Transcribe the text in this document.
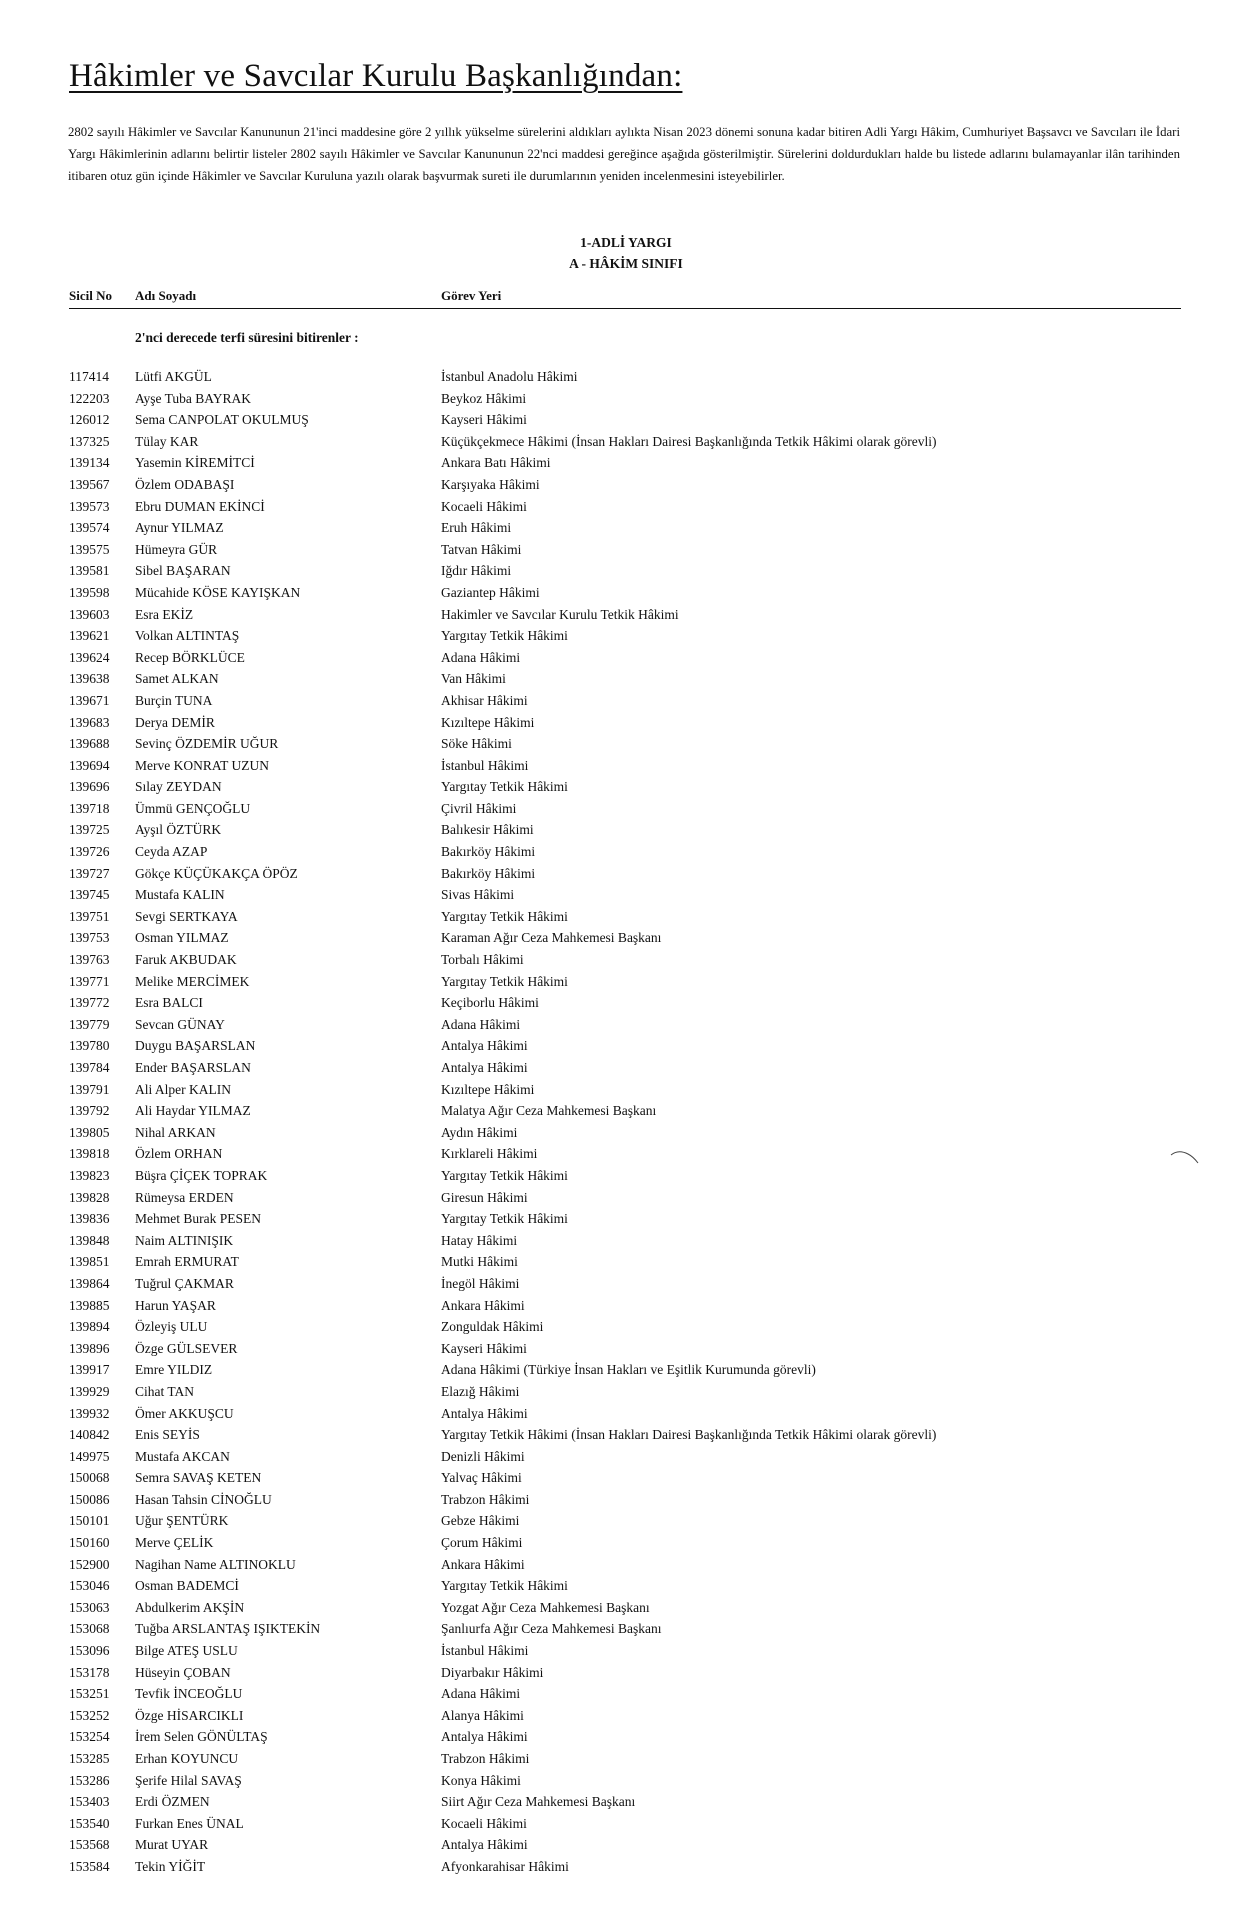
Hâkimler ve Savcılar Kurulu Başkanlığından:
2802 sayılı Hâkimler ve Savcılar Kanununun 21'inci maddesine göre 2 yıllık yükselme sürelerini aldıkları aylıkta Nisan 2023 dönemi sonuna kadar bitiren Adli Yargı Hâkim, Cumhuriyet Başsavcı ve Savcıları ile İdari Yargı Hâkimlerinin adlarını belirtir listeler 2802 sayılı Hâkimler ve Savcılar Kanununun 22'nci maddesi gereğince aşağıda gösterilmiştir. Sürelerini doldurdukları halde bu listede adlarını bulamayanlar ilân tarihinden itibaren otuz gün içinde Hâkimler ve Savcılar Kuruluna yazılı olarak başvurmak sureti ile durumlarının yeniden incelenmesini isteyebilirler.
1-ADLİ YARGI
A - HÂKİM SINIFI
Sicil No Adı Soyadı	Görev Yeri
2'nci derecede terfi süresini bitirenler :
117414 Lütfi AKGÜL	İstanbul Anadolu Hâkimi
122203 Ayşe Tuba BAYRAK	Beykoz Hâkimi
126012 Sema CANPOLAT OKULMUŞ	Kayseri Hâkimi
137325 Tülay KAR	Küçükçekmece Hâkimi (İnsan Hakları Dairesi Başkanlığında Tetkik Hâkimi olarak görevli)
139134 Yasemin KİREMİTCİ	Ankara Batı Hâkimi
139567 Özlem ODABAŞI	Karşıyaka Hâkimi
139573 Ebru DUMAN EKİNCİ	Kocaeli Hâkimi
139574 Aynur YILMAZ	Eruh Hâkimi
139575 Hümeyra GÜR	Tatvan Hâkimi
139581 Sibel BAŞARAN	Iğdır Hâkimi
139598 Mücahide KÖSE KAYIŞKAN	Gaziantep Hâkimi
139603 Esra EKİZ	Hakimler ve Savcılar Kurulu Tetkik Hâkimi
139621 Volkan ALTINTAŞ	Yargıtay Tetkik Hâkimi
139624 Recep BÖRKLÜCE	Adana Hâkimi
139638 Samet ALKAN	Van Hâkimi
139671 Burçin TUNA	Akhisar Hâkimi
139683 Derya DEMİR	Kızıltepe Hâkimi
139688 Sevinç ÖZDEMİR UĞUR	Söke Hâkimi
139694 Merve KONRAT UZUN	İstanbul Hâkimi
139696 Sılay ZEYDAN	Yargıtay Tetkik Hâkimi
139718 Ümmü GENÇOĞLU	Çivril Hâkimi
139725 Ayşıl ÖZTÜRK	Balıkesir Hâkimi
139726 Ceyda AZAP	Bakırköy Hâkimi
139727 Gökçe KÜÇÜKAKÇA ÖPÖZ	Bakırköy Hâkimi
139745 Mustafa KALIN	Sivas Hâkimi
139751 Sevgi SERTKAYA	Yargıtay Tetkik Hâkimi
139753 Osman YILMAZ	Karaman Ağır Ceza Mahkemesi Başkanı
139763 Faruk AKBUDAK	Torbalı Hâkimi
139771 Melike MERCİMEK	Yargıtay Tetkik Hâkimi
139772 Esra BALCI	Keçiborlu Hâkimi
139779 Sevcan GÜNAY	Adana Hâkimi
139780 Duygu BAŞARSLAN	Antalya Hâkimi
139784 Ender BAŞARSLAN	Antalya Hâkimi
139791 Ali Alper KALIN	Kızıltepe Hâkimi
139792 Ali Haydar YILMAZ	Malatya Ağır Ceza Mahkemesi Başkanı
139805 Nihal ARKAN	Aydın Hâkimi
139818 Özlem ORHAN	Kırklareli Hâkimi
139823 Büşra ÇİÇEK TOPRAK	Yargıtay Tetkik Hâkimi
139828 Rümeysa ERDEN	Giresun Hâkimi
139836 Mehmet Burak PESEN	Yargıtay Tetkik Hâkimi
139848 Naim ALTINIŞIK	Hatay Hâkimi
139851 Emrah ERMURAT	Mutki Hâkimi
139864 Tuğrul ÇAKMAR	İnegöl Hâkimi
139885 Harun YAŞAR	Ankara Hâkimi
139894 Özleyiş ULU	Zonguldak Hâkimi
139896 Özge GÜLSEVER	Kayseri Hâkimi
139917 Emre YILDIZ	Adana Hâkimi (Türkiye İnsan Hakları ve Eşitlik Kurumunda görevli)
139929 Cihat TAN	Elazığ Hâkimi
139932 Ömer AKKUŞCU	Antalya Hâkimi
140842 Enis SEYİS	Yargıtay Tetkik Hâkimi (İnsan Hakları Dairesi Başkanlığında Tetkik Hâkimi olarak görevli)
149975 Mustafa AKCAN	Denizli Hâkimi
150068 Semra SAVAŞ KETEN	Yalvaç Hâkimi
150086 Hasan Tahsin CİNOĞLU	Trabzon Hâkimi
150101 Uğur ŞENTÜRK	Gebze Hâkimi
150160 Merve ÇELİK	Çorum Hâkimi
152900 Nagihan Name ALTINOKLU	Ankara Hâkimi
153046 Osman BADEMCİ	Yargıtay Tetkik Hâkimi
153063 Abdulkerim AKŞİN	Yozgat Ağır Ceza Mahkemesi Başkanı
153068 Tuğba ARSLANTAŞ IŞIKTEKİN	Şanlıurfa Ağır Ceza Mahkemesi Başkanı
153096 Bilge ATEŞ USLU	İstanbul Hâkimi
153178 Hüseyin ÇOBAN	Diyarbakır Hâkimi
153251 Tevfik İNCEOĞLU	Adana Hâkimi
153252 Özge HİSARCIKLI	Alanya Hâkimi
153254 İrem Selen GÖNÜLTAŞ	Antalya Hâkimi
153285 Erhan KOYUNCU	Trabzon Hâkimi
153286 Şerife Hilal SAVAŞ	Konya Hâkimi
153403 Erdi ÖZMEN	Siirt Ağır Ceza Mahkemesi Başkanı
153540 Furkan Enes ÜNAL	Kocaeli Hâkimi
153568 Murat UYAR	Antalya Hâkimi
153584 Tekin YİĞİT	Afyonkarahisar Hâkimi
